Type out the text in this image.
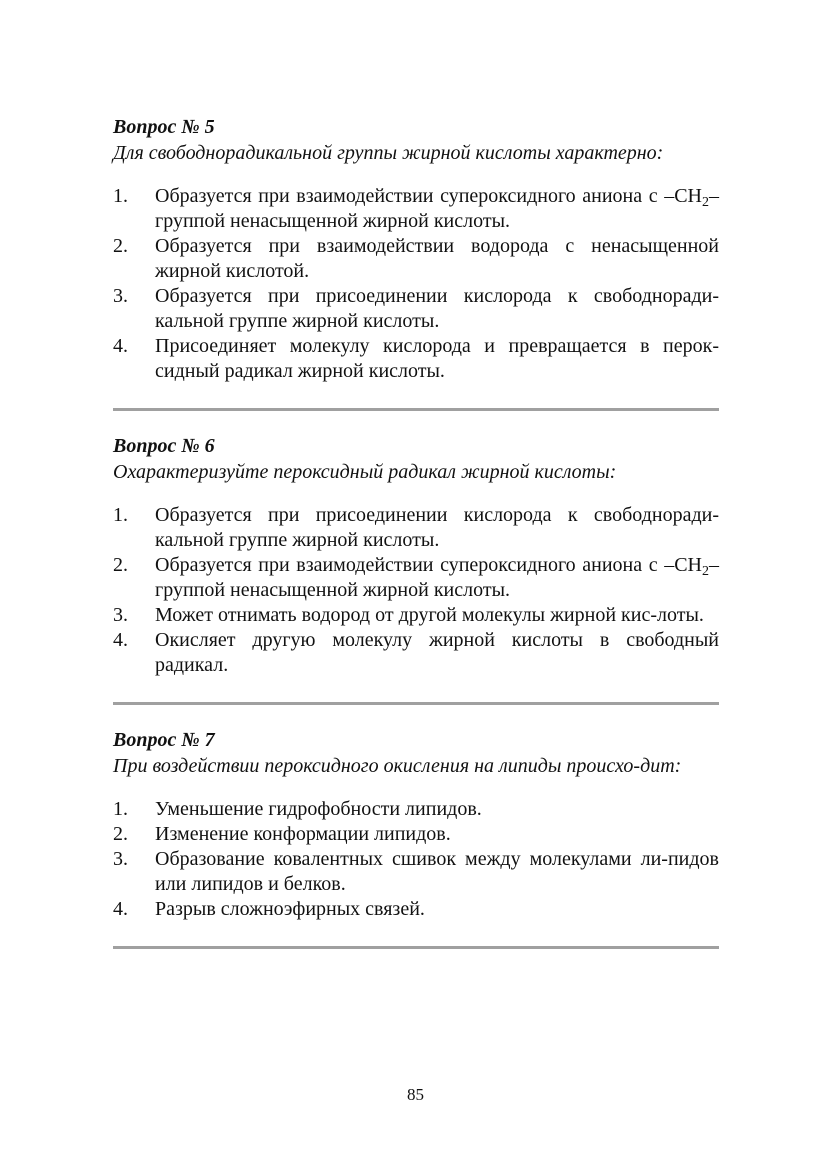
Вопрос № 5

Для свободнорадикальной группы жирной кислоты характерно:

1. Образуется при взаимодействии супероксидного аниона с $-CH_2$–группой ненасыщенной жирной кислоты.
2. Образуется при взаимодействии водорода с ненасыщенной жирной кислотой.
3. Образуется при присоединении кислорода к свободноради-кальной группе жирной кислоты.
4. Присоединяет молекулу кислорода и превращается в перок-сидный радикал жирной кислоты.

Вопрос № 6

Охарактеризуйте пероксидный радикал жирной кислоты:

1. Образуется при присоединении кислорода к свободноради-кальной группе жирной кислоты.
2. Образуется при взаимодействии супероксидного аниона с $-CH_2$–группой ненасыщенной жирной кислоты.
3. Может отнимать водород от другой молекулы жирной кис-лоты.
4. Окисляет другую молекулу жирной кислоты в свободный радикал.

Вопрос № 7

При воздействии пероксидного окисления на липиды происхо-дит:

1. Уменьшение гидрофобности липидов.
2. Изменение конформации липидов.
3. Образование ковалентных сшивок между молекулами ли-пидов или липидов и белков.
4. Разрыв сложноэфирных связей.
85
